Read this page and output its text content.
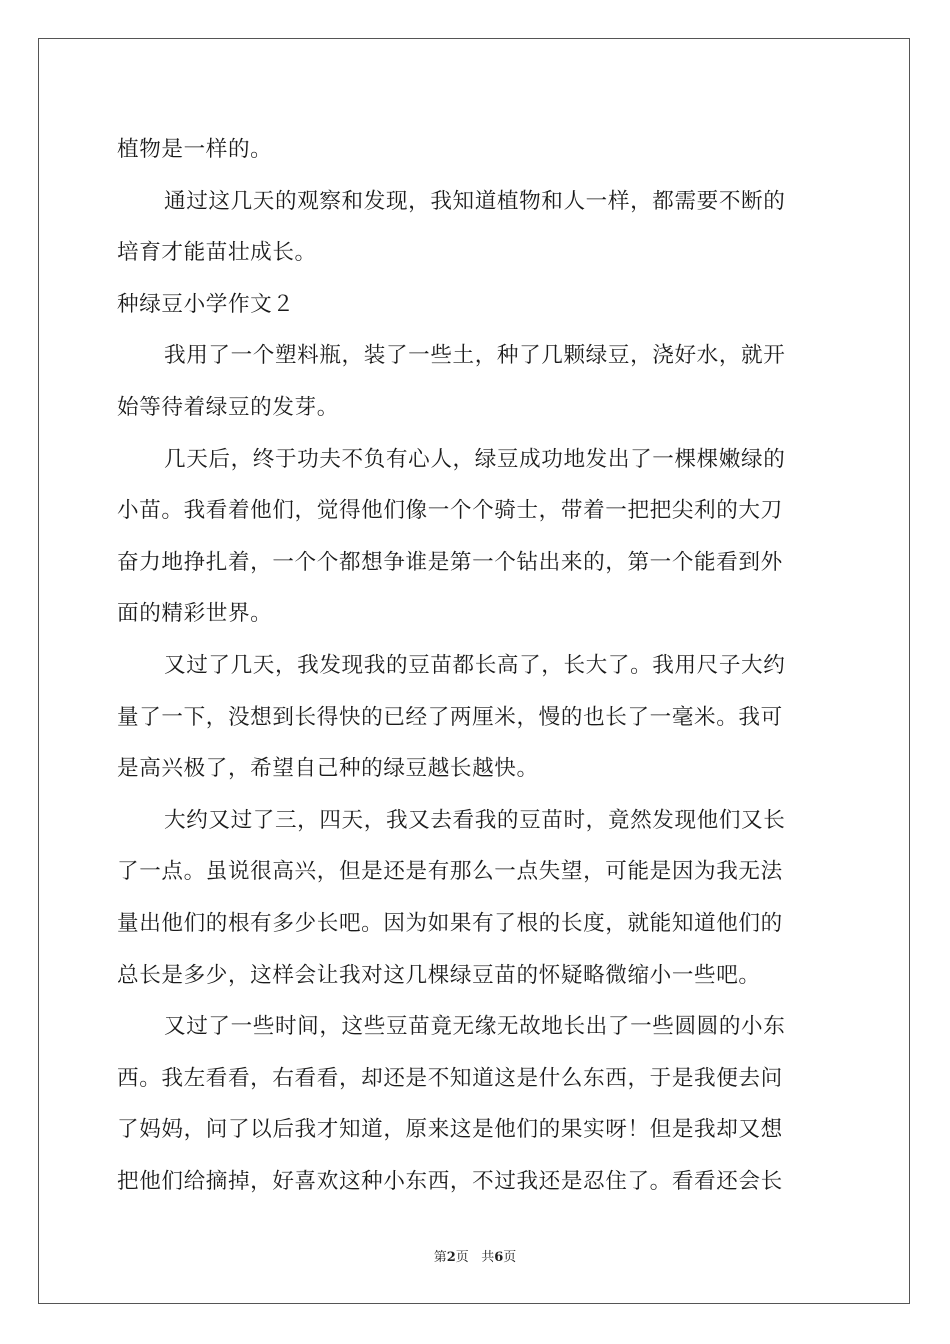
植物是一样的。
通过这几天的观察和发现，我知道植物和人一样，都需要不断的
培育才能苗壮成长。
种绿豆小学作文２
我用了一个塑料瓶，装了一些土，种了几颗绿豆，浇好水，就开
始等待着绿豆的发芽。
几天后，终于功夫不负有心人，绿豆成功地发出了一棵棵嫩绿的
小苗。我看着他们，觉得他们像一个个骑士，带着一把把尖利的大刀
奋力地挣扎着，一个个都想争谁是第一个钻出来的，第一个能看到外
面的精彩世界。
又过了几天，我发现我的豆苗都长高了，长大了。我用尺子大约
量了一下，没想到长得快的已经了两厘米，慢的也长了一毫米。我可
是高兴极了，希望自己种的绿豆越长越快。
大约又过了三，四天，我又去看我的豆苗时，竟然发现他们又长
了一点。虽说很高兴，但是还是有那么一点失望，可能是因为我无法
量出他们的根有多少长吧。因为如果有了根的长度，就能知道他们的
总长是多少，这样会让我对这几棵绿豆苗的怀疑略微缩小一些吧。
又过了一些时间，这些豆苗竟无缘无故地长出了一些圆圆的小东
西。我左看看，右看看，却还是不知道这是什么东西，于是我便去问
了妈妈，问了以后我才知道，原来这是他们的果实呀！但是我却又想
把他们给摘掉，好喜欢这种小东西，不过我还是忍住了。看看还会长
第2页 共6页
